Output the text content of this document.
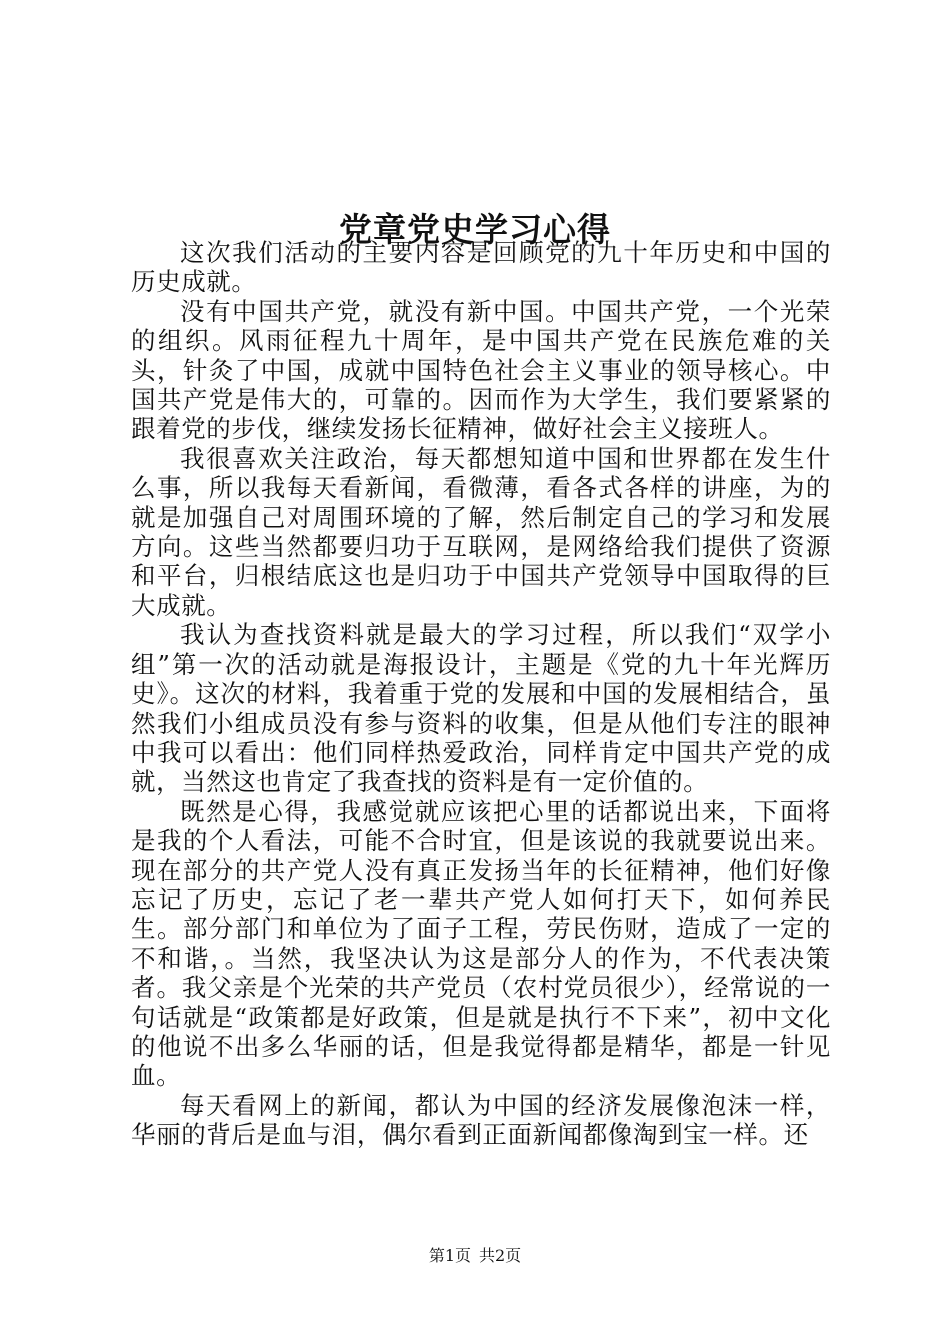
党章党史学习心得

这次我们活动的主要内容是回顾党的九十年历史和中国的历史成就。

没有中国共产党，就没有新中国。中国共产党，一个光荣的组织。风雨征程九十周年，是中国共产党在民族危难的关头，针灸了中国，成就中国特色社会主义事业的领导核心。中国共产党是伟大的，可靠的。因而作为大学生，我们要紧紧的跟着党的步伐，继续发扬长征精神，做好社会主义接班人。

我很喜欢关注政治，每天都想知道中国和世界都在发生什么事，所以我每天看新闻，看微薄，看各式各样的讲座，为的就是加强自己对周围环境的了解，然后制定自己的学习和发展方向。这些当然都要归功于互联网，是网络给我们提供了资源和平台，归根结底这也是归功于中国共产党领导中国取得的巨大成就。

我认为查找资料就是最大的学习过程，所以我们“双学小组”第一次的活动就是海报设计，主题是《党的九十年光辉历史》。这次的材料，我着重于党的发展和中国的发展相结合，虽然我们小组成员没有参与资料的收集，但是从他们专注的眼神中我可以看出：他们同样热爱政治，同样肯定中国共产党的成就，当然这也肯定了我查找的资料是有一定价值的。

既然是心得，我感觉就应该把心里的话都说出来，下面将是我的个人看法，可能不合时宜，但是该说的我就要说出来。现在部分的共产党人没有真正发扬当年的长征精神，他们好像忘记了历史，忘记了老一辈共产党人如何打天下，如何养民生。部分部门和单位为了面子工程，劳民伤财，造成了一定的不和谐，。当然，我坚决认为这是部分人的作为，不代表决策者。我父亲是个光荣的共产党员（农村党员很少），经常说的一句话就是“政策都是好政策，但是就是执行不下来”，初中文化的他说不出多么华丽的话，但是我觉得都是精华，都是一针见血。

每天看网上的新闻，都认为中国的经济发展像泡沫一样，华丽的背后是血与泪，偶尔看到正面新闻都像淘到宝一样。还

第1页 共2页
